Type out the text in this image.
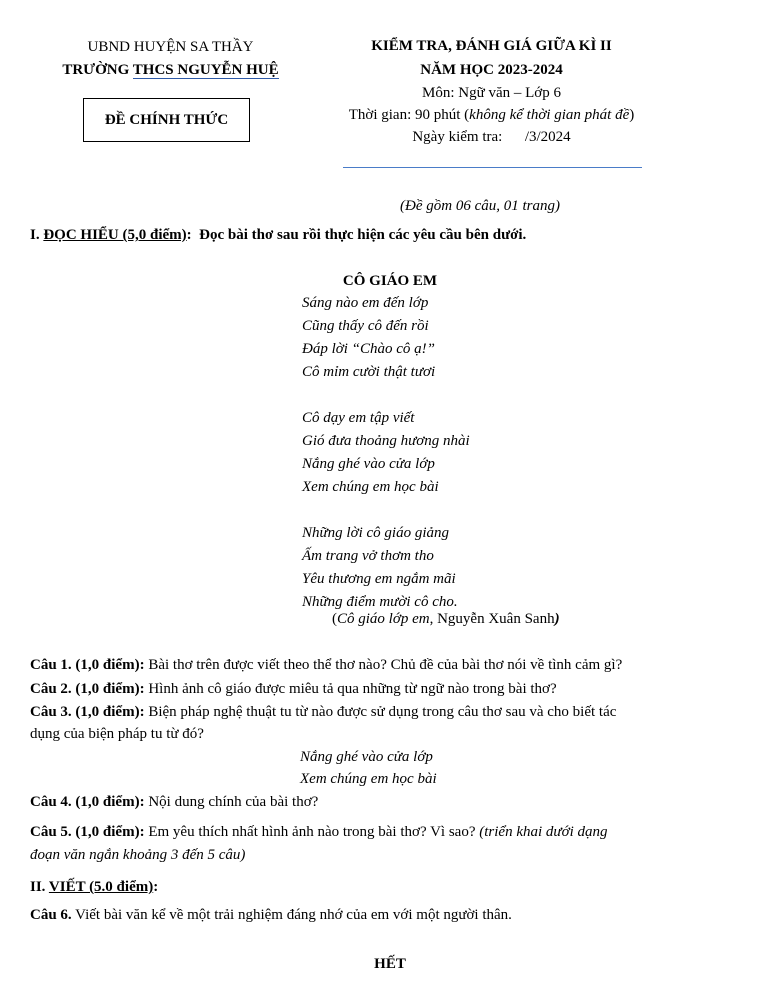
UBND HUYỆN SA THẦY
TRƯỜNG THCS NGUYỄN HUỆ
ĐỀ CHÍNH THỨC
KIỂM TRA, ĐÁNH GIÁ GIỮA KÌ II
NĂM HỌC 2023-2024
Môn: Ngữ văn – Lớp 6
Thời gian: 90 phút (không kể thời gian phát đề)
Ngày kiểm tra:      /3/2024
(Đề gồm 06 câu, 01 trang)
I. ĐỌC HIỂU (5,0 điểm):  Đọc bài thơ sau rồi thực hiện các yêu cầu bên dưới.
CÔ GIÁO EM
Sáng nào em đến lớp
Cũng thấy cô đến rồi
Đáp lời “Chào cô ạ!”
Cô mỉm cười thật tươi
Cô dạy em tập viết
Gió đưa thoảng hương nhài
Nắng ghé vào cửa lớp
Xem chúng em học bài
Những lời cô giáo giảng
Ấm trang vở thơm tho
Yêu thương em ngắm mãi
Những điểm mười cô cho.
(Cô giáo lớp em, Nguyễn Xuân Sanh)
Câu 1. (1,0 điểm): Bài thơ trên được viết theo thể thơ nào? Chủ đề của bài thơ nói về tình cảm gì?
Câu 2. (1,0 điểm): Hình ảnh cô giáo được miêu tả qua những từ ngữ nào trong bài thơ?
Câu 3. (1,0 điểm): Biện pháp nghệ thuật tu từ nào được sử dụng trong câu thơ sau và cho biết tác
dụng của biện pháp tu từ đó?
Nắng ghé vào cửa lớp
Xem chúng em học bài
Câu 4. (1,0 điểm): Nội dung chính của bài thơ?
Câu 5. (1,0 điểm): Em yêu thích nhất hình ảnh nào trong bài thơ? Vì sao? (triển khai dưới dạng
đoạn văn ngắn khoảng 3 đến 5 câu)
II. VIẾT (5.0 điểm):
Câu 6. Viết bài văn kể về một trải nghiệm đáng nhớ của em với một người thân.
HẾT
